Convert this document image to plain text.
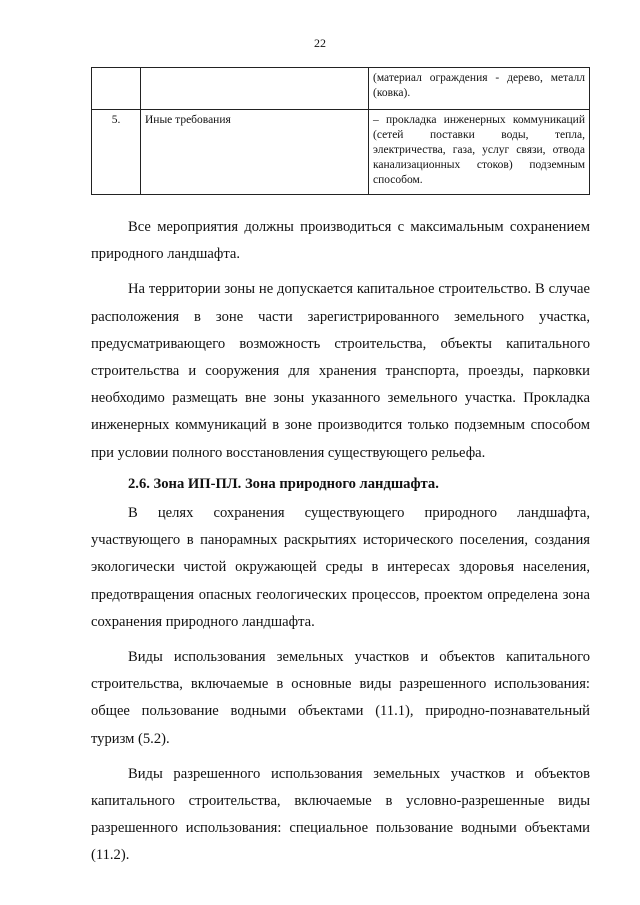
22
		(материал ограждения - дерево, металл (ковка).
5.	Иные требования	– прокладка инженерных коммуникаций (сетей поставки воды, тепла, электричества, газа, услуг связи, отвода канализационных стоков) подземным способом.

Все мероприятия должны производиться с максимальным сохранением природного ландшафта.

На территории зоны не допускается капитальное строительство. В случае расположения в зоне части зарегистрированного земельного участка, предусматривающего возможность строительства, объекты капитального строительства и сооружения для хранения транспорта, проезды, парковки необходимо размещать вне зоны указанного земельного участка. Прокладка инженерных коммуникаций в зоне производится только подземным способом при условии полного восстановления существующего рельефа.

2.6. Зона ИП-ПЛ. Зона природного ландшафта.

В целях сохранения существующего природного ландшафта, участвующего в панорамных раскрытиях исторического поселения, создания экологически чистой окружающей среды в интересах здоровья населения, предотвращения опасных геологических процессов, проектом определена зона сохранения природного ландшафта.

Виды использования земельных участков и объектов капитального строительства, включаемые в основные виды разрешенного использования: общее пользование водными объектами (11.1), природно-познавательный туризм (5.2).

Виды разрешенного использования земельных участков и объектов капитального строительства, включаемые в условно-разрешенные виды разрешенного использования: специальное пользование водными объектами (11.2).
